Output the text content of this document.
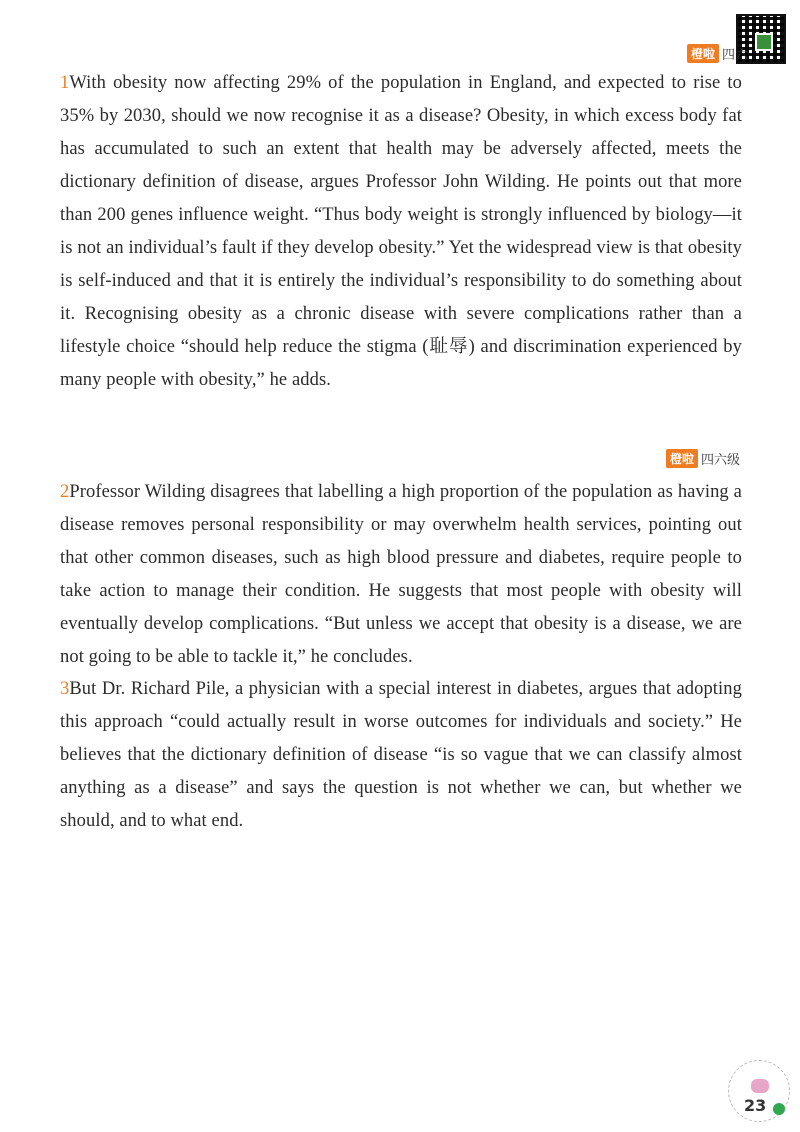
橙啦 四六
1With obesity now affecting 29% of the population in England, and expected to rise to 35% by 2030, should we now recognise it as a disease? Obesity, in which excess body fat has accumulated to such an extent that health may be adversely affected, meets the dictionary definition of disease, argues Professor John Wilding. He points out that more than 200 genes influence weight. “Thus body weight is strongly influenced by biology—it is not an individual’s fault if they develop obesity.” Yet the widespread view is that obesity is self-induced and that it is entirely the individual’s responsibility to do something about it. Recognising obesity as a chronic disease with severe complications rather than a lifestyle choice “should help reduce the stigma (耻辱) and discrimination experienced by many people with obesity,” he adds.
橙啦 四六级
2Professor Wilding disagrees that labelling a high proportion of the population as having a disease removes personal responsibility or may overwhelm health services, pointing out that other common diseases, such as high blood pressure and diabetes, require people to take action to manage their condition. He suggests that most people with obesity will eventually develop complications. “But unless we accept that obesity is a disease, we are not going to be able to tackle it,” he concludes.
3But Dr. Richard Pile, a physician with a special interest in diabetes, argues that adopting this approach “could actually result in worse outcomes for individuals and society.” He believes that the dictionary definition of disease “is so vague that we can classify almost anything as a disease” and says the question is not whether we can, but whether we should, and to what end.
23
